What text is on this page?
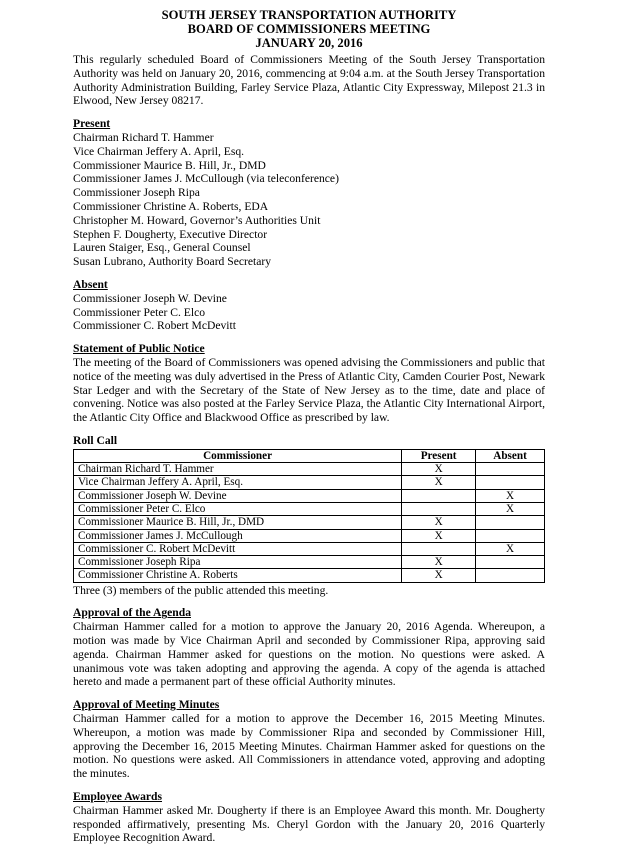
SOUTH JERSEY TRANSPORTATION AUTHORITY
BOARD OF COMMISSIONERS MEETING
JANUARY 20, 2016

This regularly scheduled Board of Commissioners Meeting of the South Jersey Transportation Authority was held on January 20, 2016, commencing at 9:04 a.m. at the South Jersey Transportation Authority Administration Building, Farley Service Plaza, Atlantic City Expressway, Milepost 21.3 in Elwood, New Jersey 08217.

Present
Chairman Richard T. Hammer
Vice Chairman Jeffery A. April, Esq.
Commissioner Maurice B. Hill, Jr., DMD
Commissioner James J. McCullough (via teleconference)
Commissioner Joseph Ripa
Commissioner Christine A. Roberts, EDA
Christopher M. Howard, Governor’s Authorities Unit
Stephen F. Dougherty, Executive Director
Lauren Staiger, Esq., General Counsel
Susan Lubrano, Authority Board Secretary
Absent
Commissioner Joseph W. Devine
Commissioner Peter C. Elco
Commissioner C. Robert McDevitt
Statement of Public Notice

The meeting of the Board of Commissioners was opened advising the Commissioners and public that notice of the meeting was duly advertised in the Press of Atlantic City, Camden Courier Post, Newark Star Ledger and with the Secretary of the State of New Jersey as to the time, date and place of convening. Notice was also posted at the Farley Service Plaza, the Atlantic City International Airport, the Atlantic City Office and Blackwood Office as prescribed by law.

Roll Call
Commissioner	Present	Absent
Chairman Richard T. Hammer	X	
Vice Chairman Jeffery A. April, Esq.	X	
Commissioner Joseph W. Devine		X
Commissioner Peter C. Elco		X
Commissioner Maurice B. Hill, Jr., DMD	X	
Commissioner James J. McCullough	X	
Commissioner C. Robert McDevitt		X
Commissioner Joseph Ripa	X	
Commissioner Christine A. Roberts	X	
Three (3) members of the public attended this meeting.
Approval of the Agenda

Chairman Hammer called for a motion to approve the January 20, 2016 Agenda. Whereupon, a motion was made by Vice Chairman April and seconded by Commissioner Ripa, approving said agenda. Chairman Hammer asked for questions on the motion. No questions were asked. A unanimous vote was taken adopting and approving the agenda. A copy of the agenda is attached hereto and made a permanent part of these official Authority minutes.

Approval of Meeting Minutes

Chairman Hammer called for a motion to approve the December 16, 2015 Meeting Minutes. Whereupon, a motion was made by Commissioner Ripa and seconded by Commissioner Hill, approving the December 16, 2015 Meeting Minutes. Chairman Hammer asked for questions on the motion. No questions were asked. All Commissioners in attendance voted, approving and adopting the minutes.

Employee Awards

Chairman Hammer asked Mr. Dougherty if there is an Employee Award this month. Mr. Dougherty responded affirmatively, presenting Ms. Cheryl Gordon with the January 20, 2016 Quarterly Employee Recognition Award.
